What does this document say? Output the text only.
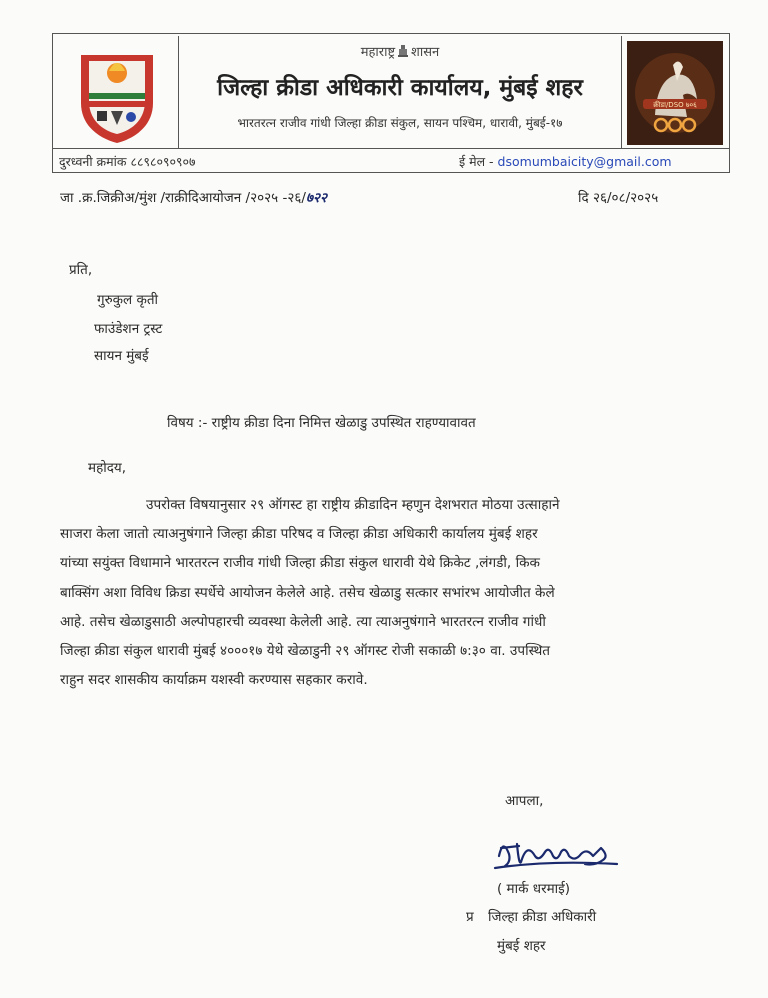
महाराष्ट्र शासन
जिल्हा क्रीडा अधिकारी कार्यालय, मुंबई शहर
भारतरत्न राजीव गांधी जिल्हा क्रीडा संकुल, सायन पश्चिम, धारावी, मुंबई-१७
क्रीडा/DSO ७०६
दुरध्वनी क्रमांक ८८९८०९०९०७	ई मेल - dsomumbaicity@gmail.com
जा .क्र.जिक्रीअ/मुंश /राक्रीदिआयोजन /२०२५ -२६/७२२	दि २६/०८/२०२५
प्रति,
गुरुकुल कृती
फाउंडेशन ट्रस्ट
सायन मुंबई
विषय :- राष्ट्रीय क्रीडा दिना निमित्त खेळाडु उपस्थित राहण्यावावत
महोदय,
उपरोक्त विषयानुसार २९ ऑगस्ट हा राष्ट्रीय क्रीडादिन म्हणुन देशभरात मोठया उत्साहाने
साजरा केला जातो त्याअनुषंगाने जिल्हा क्रीडा परिषद व जिल्हा क्रीडा अधिकारी कार्यालय मुंबई शहर
यांच्या सयुंक्त विधामाने भारतरत्न राजीव गांधी जिल्हा क्रीडा संकुल धारावी येथे क्रिकेट ,लंगडी, किक
बाक्सिंग अशा विविध क्रिडा स्पर्धेचे आयोजन केलेले आहे. तसेच खेळाडु सत्कार सभांरभ आयोजीत केले
आहे. तसेच खेळाडुसाठी अल्पोपहारची व्यवस्था केलेली आहे. त्या त्याअनुषंगाने भारतरत्न राजीव गांधी
जिल्हा क्रीडा संकुल धारावी मुंबई ४०००१७ येथे खेळाडुनी २९ ऑगस्ट रोजी सकाळी ७:३० वा. उपस्थित
राहुन सदर शासकीय कार्याक्रम यशस्वी करण्यास सहकार करावे.
आपला,
( मार्क धरमाई)
प्र जिल्हा क्रीडा अधिकारी
मुंबई शहर
